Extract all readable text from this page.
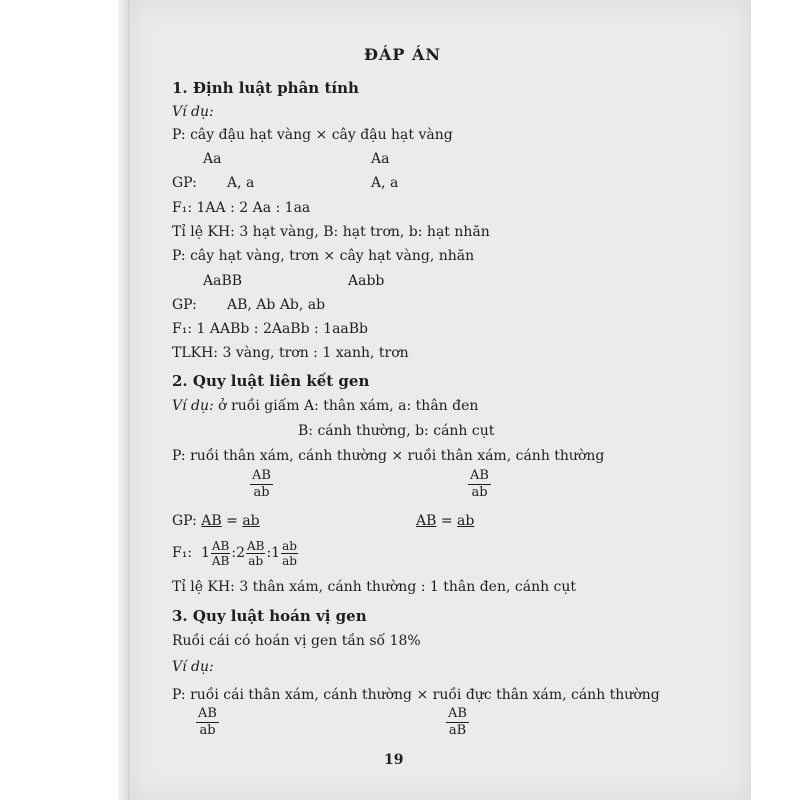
ĐÁP ÁN
1. Định luật phân tính
Ví dụ:
P: cây đậu hạt vàng × cây đậu hạt vàng
Aa	Aa
GP: A, a	A, a
F₁: 1AA : 2 Aa : 1aa
Tỉ lệ KH: 3 hạt vàng, B: hạt trơn, b: hạt nhăn
P: cây hạt vàng, trơn × cây hạt vàng, nhăn
AaBB	Aabb
GP: AB, Ab Ab, ab
F₁: 1 AABb : 2AaBb : 1aaBb
TLKH: 3 vàng, trơn : 1 xanh, trơn
2. Quy luật liên kết gen
Ví dụ: ở ruồi giấm A: thân xám, a: thân đen
B: cánh thường, b: cánh cụt
P: ruồi thân xám, cánh thường × ruồi thân xám, cánh thường
$\frac{AB}{ab}$	$\frac{AB}{ab}$
GP: AB = ab	AB = ab
F₁: $1 \frac{AB}{AB}$ :2 $\frac{AB}{ab}$ :1 $\frac{ab}{ab}$
Tỉ lệ KH: 3 thân xám, cánh thường : 1 thân đen, cánh cụt
3. Quy luật hoán vị gen
Ruồi cái có hoán vị gen tần số 18%
Ví dụ:
P: ruồi cái thân xám, cánh thường × ruồi đực thân xám, cánh thường
$\frac{AB}{ab}$	$\frac{AB}{aB}$
19
